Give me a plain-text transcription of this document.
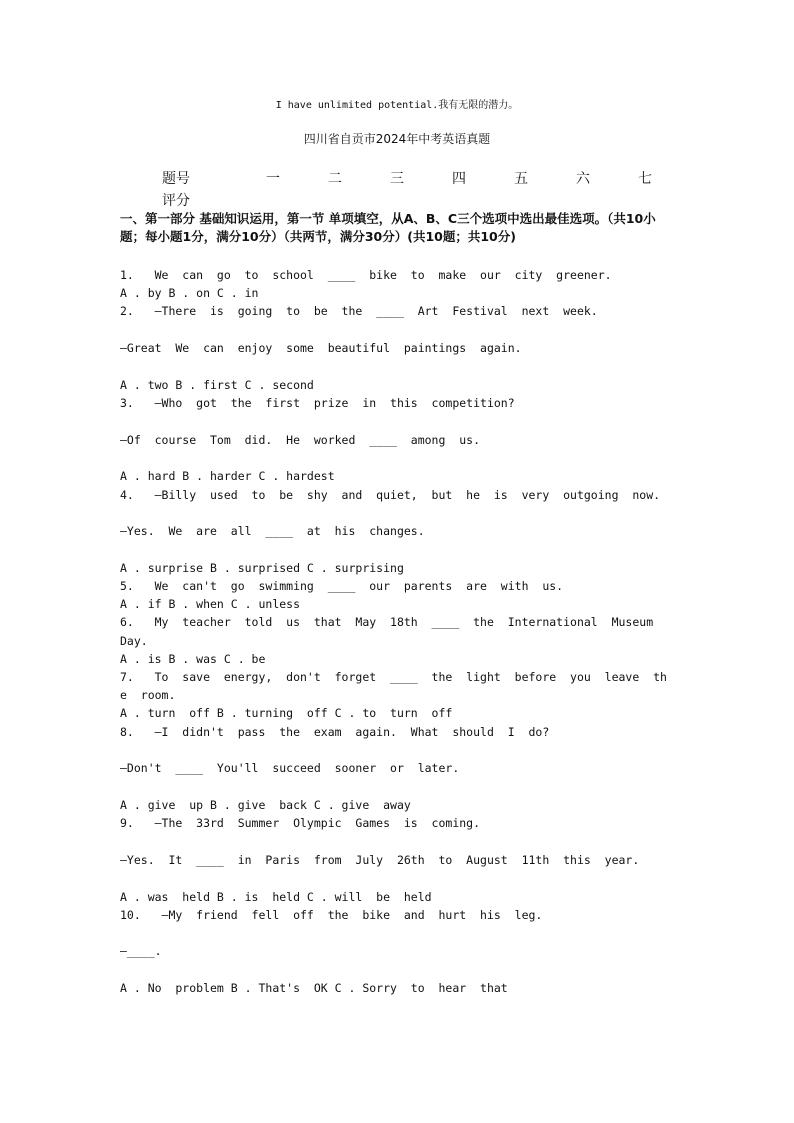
I have unlimited potential.我有无限的潜力。
四川省自贡市2024年中考英语真题
题号	一	二	三	四	五	六	七
评分
一、第一部分 基础知识运用，第一节 单项填空，从A、B、C三个选项中选出最佳选项。（共10小题；每小题1分，满分10分）（共两节，满分30分）(共10题；共10分)
1.   We  can  go  to  school  ____  bike  to  make  our  city  greener.
A . by B . on C . in
2.   —There  is  going  to  be  the  ____  Art  Festival  next  week.
—Great  We  can  enjoy  some  beautiful  paintings  again.
A . two B . first C . second
3.   —Who  got  the  first  prize  in  this  competition?
—Of  course  Tom  did.  He  worked  ____  among  us.
A . hard B . harder C . hardest
4.   —Billy  used  to  be  shy  and  quiet,  but  he  is  very  outgoing  now.
—Yes.  We  are  all  ____  at  his  changes.
A . surprise B . surprised C . surprising
5.   We  can't  go  swimming  ____  our  parents  are  with  us.
A . if B . when C . unless
6.   My  teacher  told  us  that  May  18th  ____  the  International  Museum
Day.
A . is B . was C . be
7.   To  save  energy,  don't  forget  ____  the  light  before  you  leave  th
e  room.
A . turn  off B . turning  off C . to  turn  off
8.   —I  didn't  pass  the  exam  again.  What  should  I  do?
—Don't  ____  You'll  succeed  sooner  or  later.
A . give  up B . give  back C . give  away
9.   —The  33rd  Summer  Olympic  Games  is  coming.
—Yes.  It  ____  in  Paris  from  July  26th  to  August  11th  this  year.
A . was  held B . is  held C . will  be  held
10.   —My  friend  fell  off  the  bike  and  hurt  his  leg.
—____.
A . No  problem B . That's  OK C . Sorry  to  hear  that
